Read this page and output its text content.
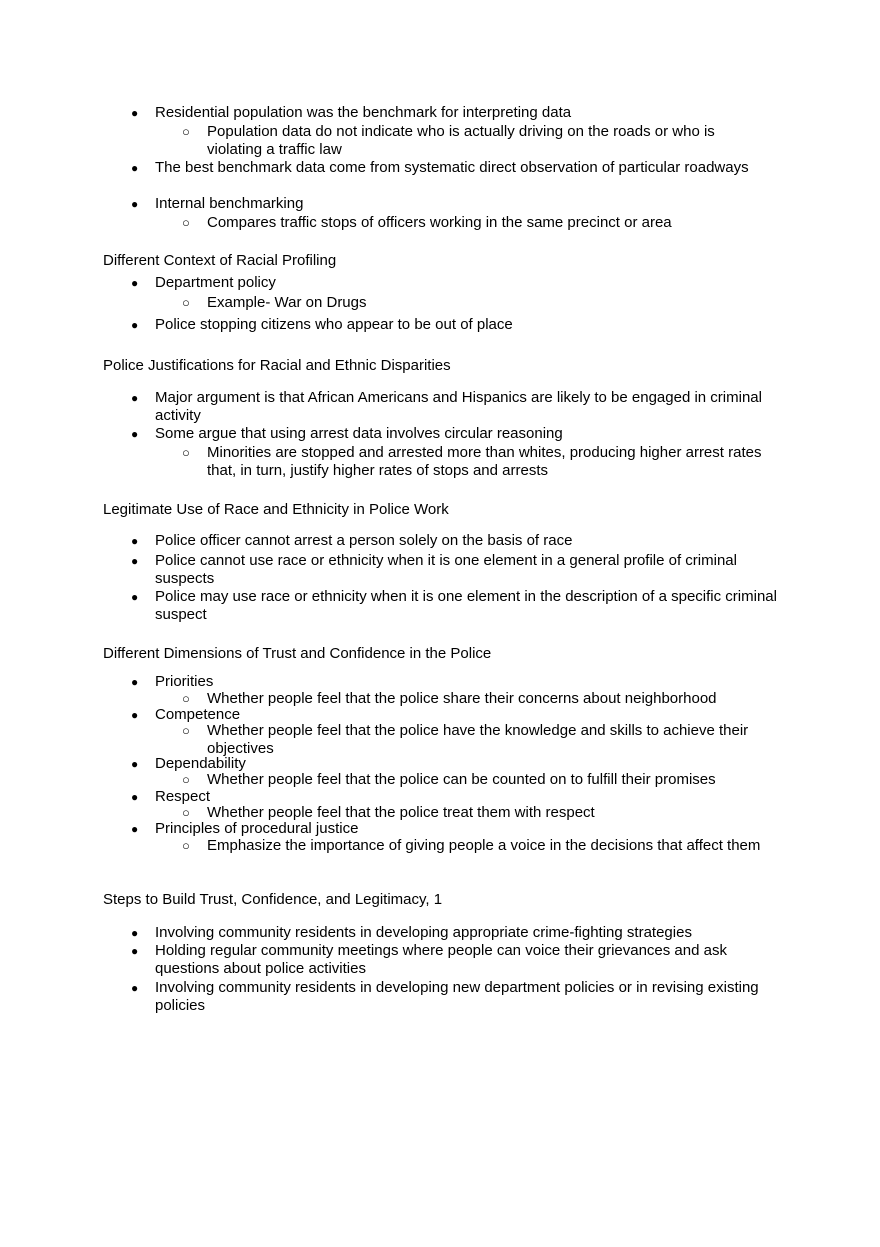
● Residential population was the benchmark for interpreting data
○ Population data do not indicate who is actually driving on the roads or who is violating a traffic law
● The best benchmark data come from systematic direct observation of particular roadways
● Internal benchmarking
○ Compares traffic stops of officers working in the same precinct or area
Different Context of Racial Profiling
● Department policy
○ Example- War on Drugs
● Police stopping citizens who appear to be out of place
Police Justifications for Racial and Ethnic Disparities
● Major argument is that African Americans and Hispanics are likely to be engaged in criminal activity
● Some argue that using arrest data involves circular reasoning
○ Minorities are stopped and arrested more than whites, producing higher arrest rates that, in turn, justify higher rates of stops and arrests
Legitimate Use of Race and Ethnicity in Police Work
● Police officer cannot arrest a person solely on the basis of race
● Police cannot use race or ethnicity when it is one element in a general profile of criminal suspects
● Police may use race or ethnicity when it is one element in the description of a specific criminal suspect
Different Dimensions of Trust and Confidence in the Police
● Priorities
○ Whether people feel that the police share their concerns about neighborhood
● Competence
○ Whether people feel that the police have the knowledge and skills to achieve their objectives
● Dependability
○ Whether people feel that the police can be counted on to fulfill their promises
● Respect
○ Whether people feel that the police treat them with respect
● Principles of procedural justice
○ Emphasize the importance of giving people a voice in the decisions that affect them
Steps to Build Trust, Confidence, and Legitimacy, 1
● Involving community residents in developing appropriate crime-fighting strategies
● Holding regular community meetings where people can voice their grievances and ask questions about police activities
● Involving community residents in developing new department policies or in revising existing policies
